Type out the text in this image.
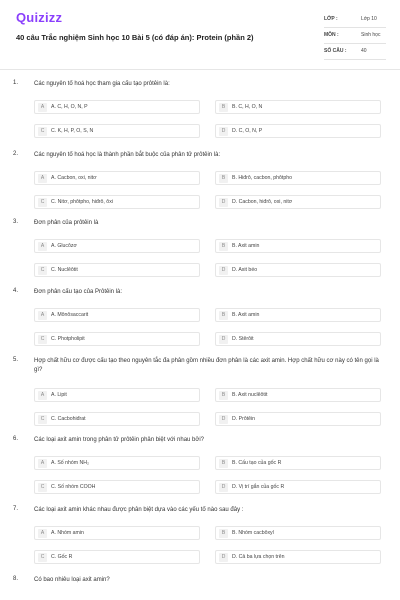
Quizizz
40 câu Trắc nghiệm Sinh học 10 Bài 5 (có đáp án): Protein (phần 2)
LỚP :	Lớp 10
MÔN :	Sinh học
SỐ CÂU :	40
1.	Các nguyên tố hoá học tham gia cấu tạo prôtêin là:
A	A. C, H, O, N, P	B	B. C, H, O, N
C	C. K, H, P, O, S, N	D	D. C, O, N, P
2.	Các nguyên tố hoá học là thành phần bắt buộc của phân tử prôtêin là:
A	A. Cacbon, oxi, nitơ	B	B. Hiđrô, cacbon, phôtpho
C	C. Nitơ, phôtpho, hiđrô, ôxi	D	D. Cacbon, hiđrô, oxi, nitơ
3.	Đơn phân của prôtêin là
A	A. Glucôzơ	B	B. Axit amin
C	C. Nuclêôtit	D	D. Axit béo
4.	Đơn phân cấu tạo của Prôtêin là:
A	A. Mônôsaccarit	B	B. Axit amin
C	C. Photpholipit	D	D. Stêrôit
5.	Hợp chất hữu cơ được cấu tạo theo nguyên tắc đa phân gồm nhiều đơn phân là các axit amin. Hợp chất hữu cơ này có tên gọi là gì?
A	A. Lipit	B	B. Axit nuclêôtit
C	C. Cacbohiđrat	D	D. Prôtêin
6.	Các loại axit amin trong phân tử prôtêin phân biệt với nhau bởi?
A	A. Số nhóm NH₂	B	B. Cấu tạo của gốc R
C	C. Số nhóm COOH	D	D. Vị trí gắn của gốc R
7.	Các loại axit amin khác nhau được phân biệt dựa vào các yếu tố nào sau đây :
A	A. Nhóm amin	B	B. Nhóm cacbôxyl
C	C. Gốc R	D	D. Cả ba lựa chọn trên
8.	Có bao nhiêu loại axit amin?
